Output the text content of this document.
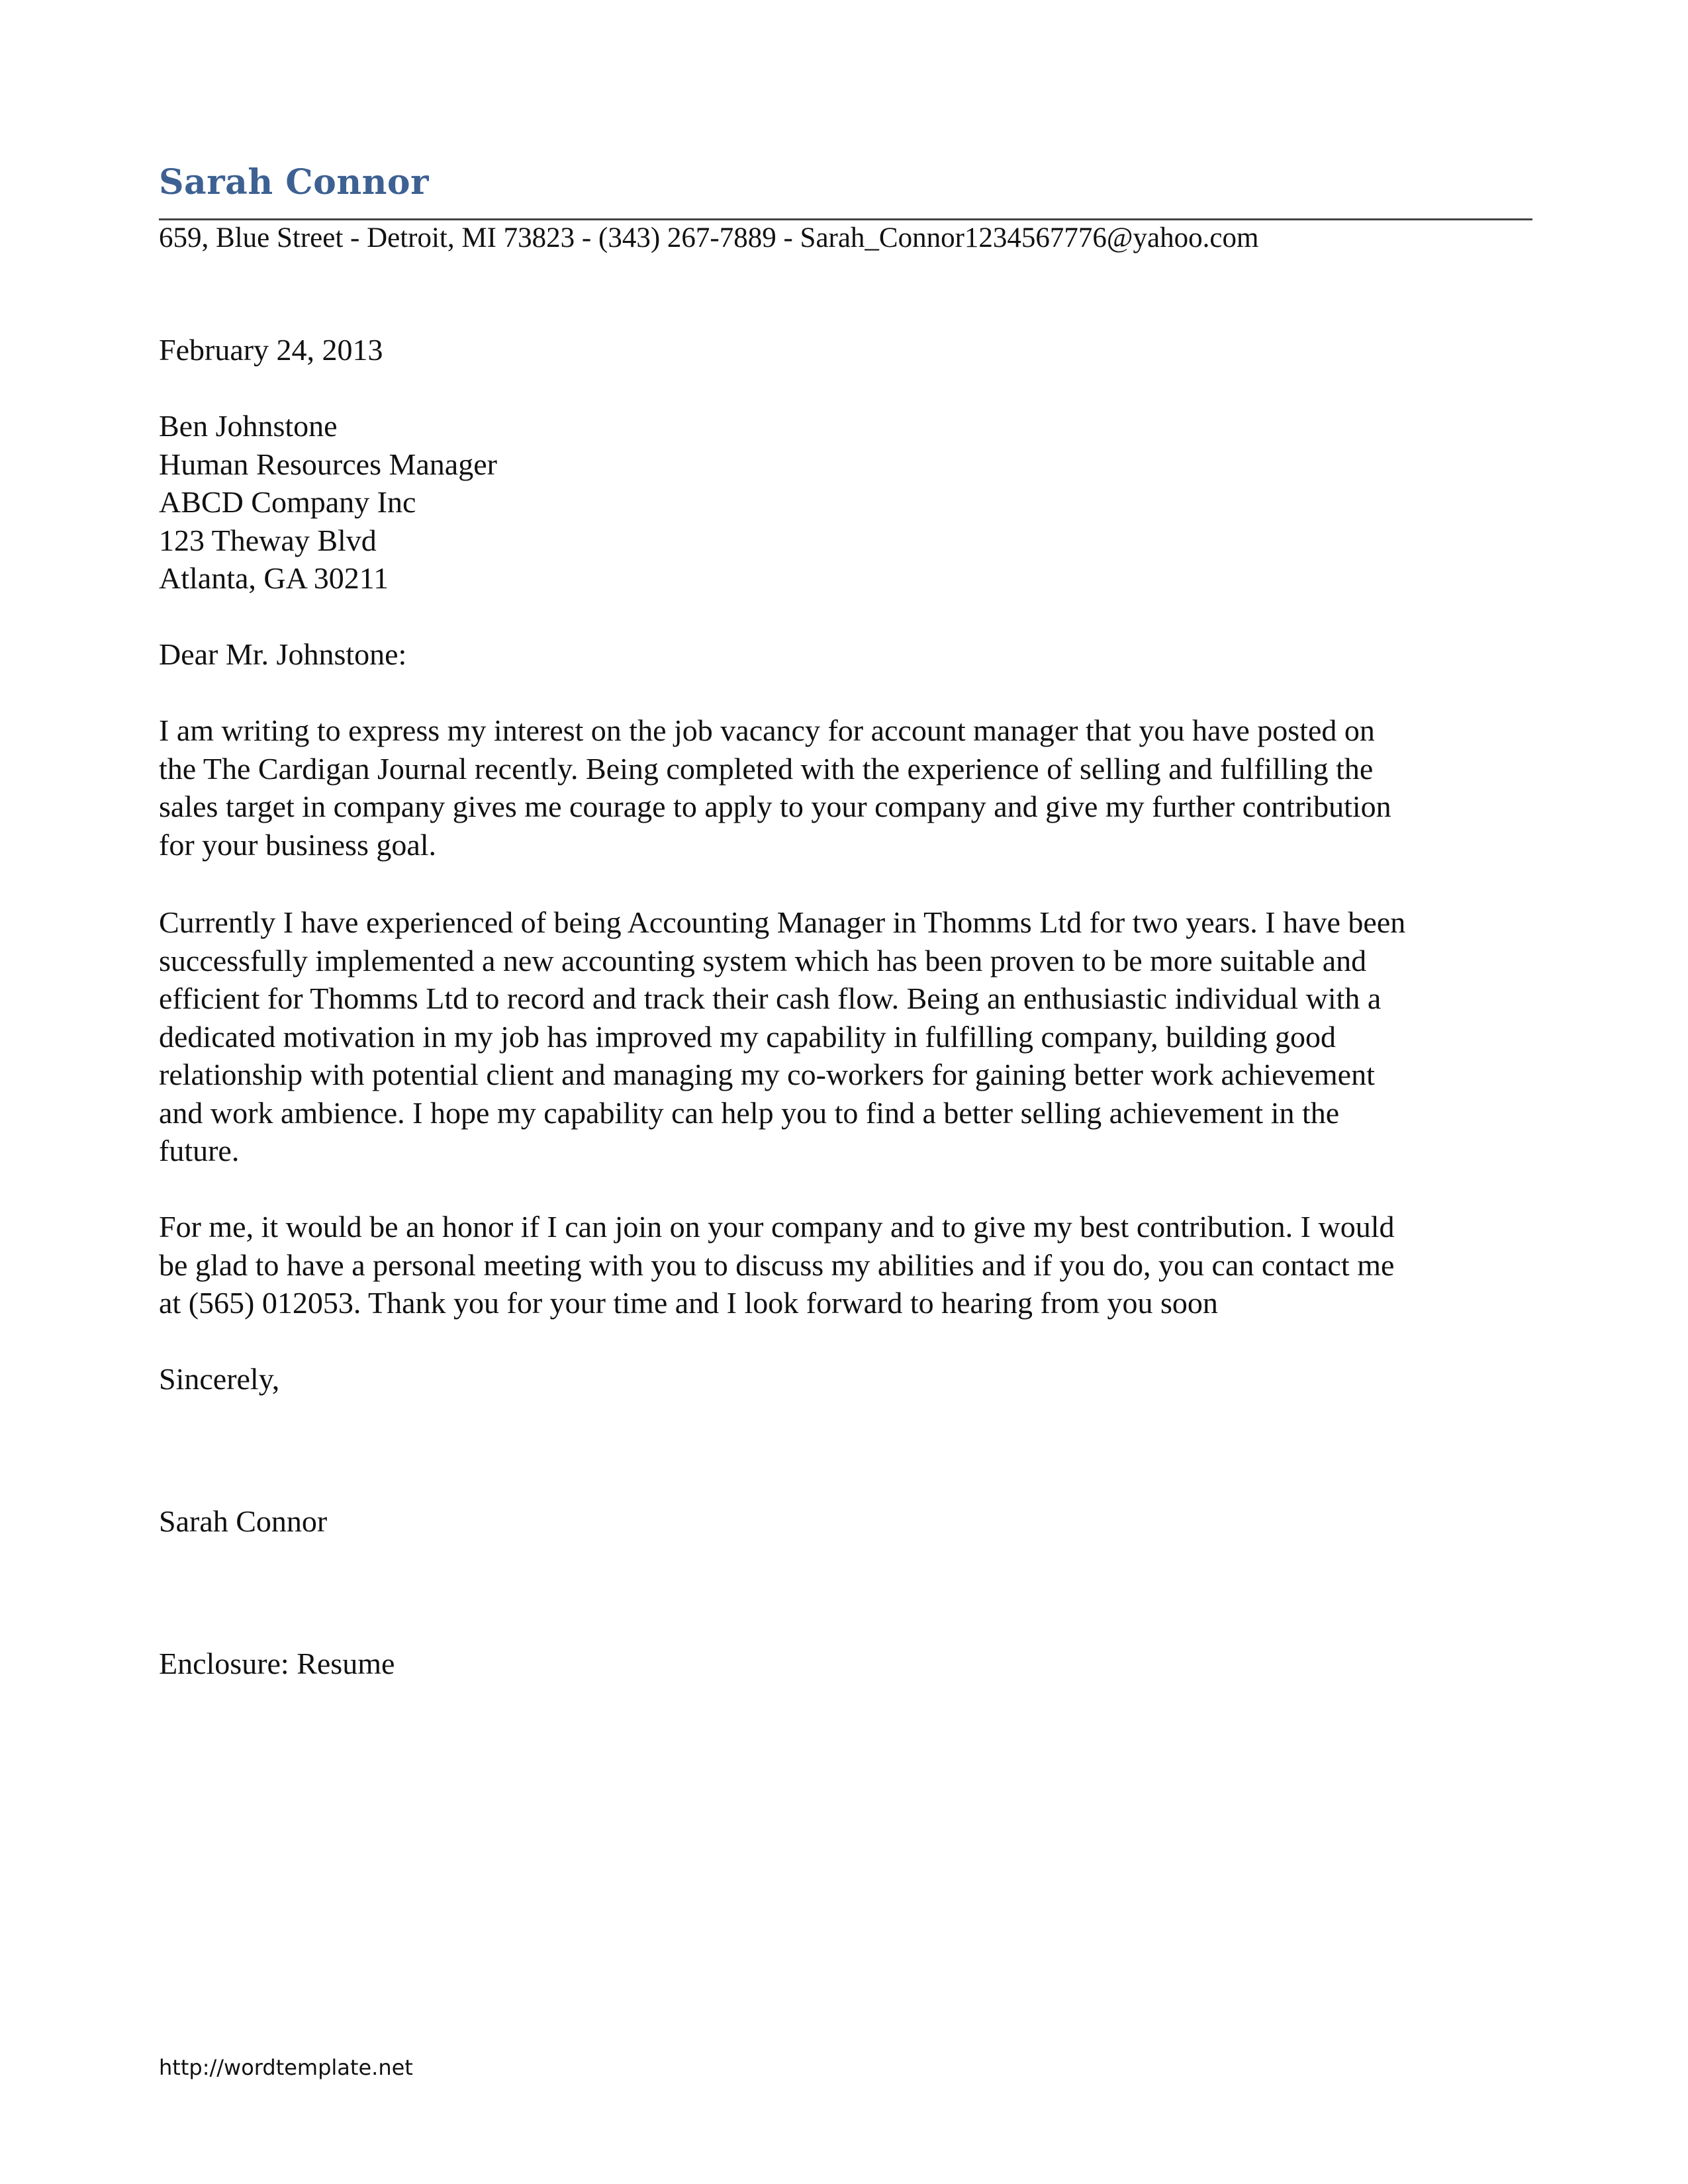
Sarah Connor
659, Blue Street - Detroit, MI 73823 - (343) 267-7889 - Sarah_Connor1234567776@yahoo.com
February 24, 2013
Ben Johnstone
Human Resources Manager
ABCD Company Inc
123 Theway Blvd
Atlanta, GA 30211
Dear Mr. Johnstone:
I am writing to express my interest on the job vacancy for account manager that you have posted on
the The Cardigan Journal recently. Being completed with the experience of selling and fulfilling the
sales target in company gives me courage to apply to your company and give my further contribution
for your business goal.
Currently I have experienced of being Accounting Manager in Thomms Ltd for two years. I have been
successfully implemented a new accounting system which has been proven to be more suitable and
efficient for Thomms Ltd to record and track their cash flow. Being an enthusiastic individual with a
dedicated motivation in my job has improved my capability in fulfilling company, building good
relationship with potential client and managing my co-workers for gaining better work achievement
and work ambience. I hope my capability can help you to find a better selling achievement in the
future.
For me, it would be an honor if I can join on your company and to give my best contribution. I would
be glad to have a personal meeting with you to discuss my abilities and if you do, you can contact me
at (565) 012053. Thank you for your time and I look forward to hearing from you soon
Sincerely,
Sarah Connor
Enclosure: Resume
http://wordtemplate.net
